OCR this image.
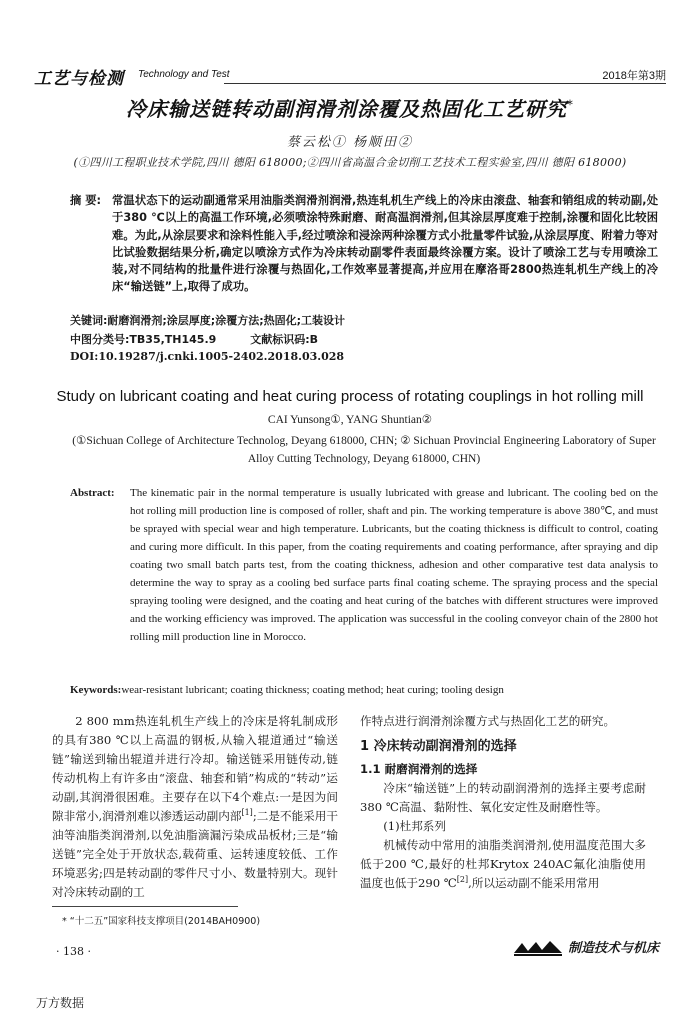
工艺与检测 Technology and Test	2018年第3期
冷床输送链转动副润滑剂涂覆及热固化工艺研究*
蔡云松① 杨顺田②
(①四川工程职业技术学院,四川 德阳 618000;②四川省高温合金切削工艺技术工程实验室,四川 德阳 618000)
摘 要: 常温状态下的运动副通常采用油脂类润滑剂润滑,热连轧机生产线上的冷床由滚盘、轴套和销组成的转动副,处于380 ℃以上的高温工作环境,必须喷涂特殊耐磨、耐高温润滑剂,但其涂层厚度难于控制,涂覆和固化比较困难。为此,从涂层要求和涂料性能入手,经过喷涂和浸涂两种涂覆方式小批量零件试验,从涂层厚度、附着力等对比试验数据结果分析,确定以喷涂方式作为冷床转动副零件表面最终涂覆方案。设计了喷涂工艺与专用喷涂工装,对不同结构的批量件进行涂覆与热固化,工作效率显著提高,并应用在摩洛哥2800热连轧机生产线上的冷床“输送链”上,取得了成功。
关键词:耐磨润滑剂;涂层厚度;涂覆方法;热固化;工装设计
中图分类号:TB35,TH145.9	文献标识码:B
DOI:10.19287/j.cnki.1005-2402.2018.03.028
Study on lubricant coating and heat curing process of rotating couplings in hot rolling mill
CAI Yunsong①, YANG Shuntian②
(①Sichuan College of Architecture Technolog, Deyang 618000, CHN; ② Sichuan Provincial Engineering Laboratory of Super Alloy Cutting Technology, Deyang 618000, CHN)
Abstract: The kinematic pair in the normal temperature is usually lubricated with grease and lubricant. The cooling bed on the hot rolling mill production line is composed of roller, shaft and pin. The working temperature is above 380℃, and must be sprayed with special wear and high temperature. Lubricants, but the coating thickness is difficult to control, coating and curing more difficult. In this paper, from the coating requirements and coating performance, after spraying and dip coating two small batch parts test, from the coating thickness, adhesion and other comparative test data analysis to determine the way to spray as a cooling bed surface parts final coating scheme. The spraying process and the special spraying tooling were designed, and the coating and heat curing of the batches with different structures were improved and the working efficiency was improved. The application was successful in the cooling conveyor chain of the 2800 hot rolling mill production line in Morocco.
Keywords:wear-resistant lubricant; coating thickness; coating method; heat curing; tooling design

2 800 mm热连轧机生产线上的冷床是将轧制成形的具有380 ℃以上高温的钢板,从输入辊道通过“输送链”输送到输出辊道并进行冷却。输送链采用链传动,链传动机构上有许多由“滚盘、轴套和销”构成的“转动”运动副,其润滑很困难。主要存在以下4个难点:一是因为间隙非常小,润滑剂难以渗透运动副内部[1];二是不能采用干油等油脂类润滑剂,以免油脂滴漏污染成品板材;三是“输送链”完全处于开放状态,载荷重、运转速度较低、工作环境恶劣;四是转动副的零件尺寸小、数量特别大。现针对冷床转动副的工

作特点进行润滑剂涂覆方式与热固化工艺的研究。

1 冷床转动副润滑剂的选择
1.1 耐磨润滑剂的选择

冷床“输送链”上的转动副润滑剂的选择主要考虑耐380 ℃高温、黏附性、氧化安定性及耐磨性等。

(1)杜邦系列

机械传动中常用的油脂类润滑剂,使用温度范围大多低于200 ℃,最好的杜邦Krytox 240AC氟化油脂使用温度也低于290 ℃[2],所以运动副不能采用常用

* “十二五”国家科技支撑项目(2014BAH0900)
· 138 ·	制造技术与机床
万方数据
